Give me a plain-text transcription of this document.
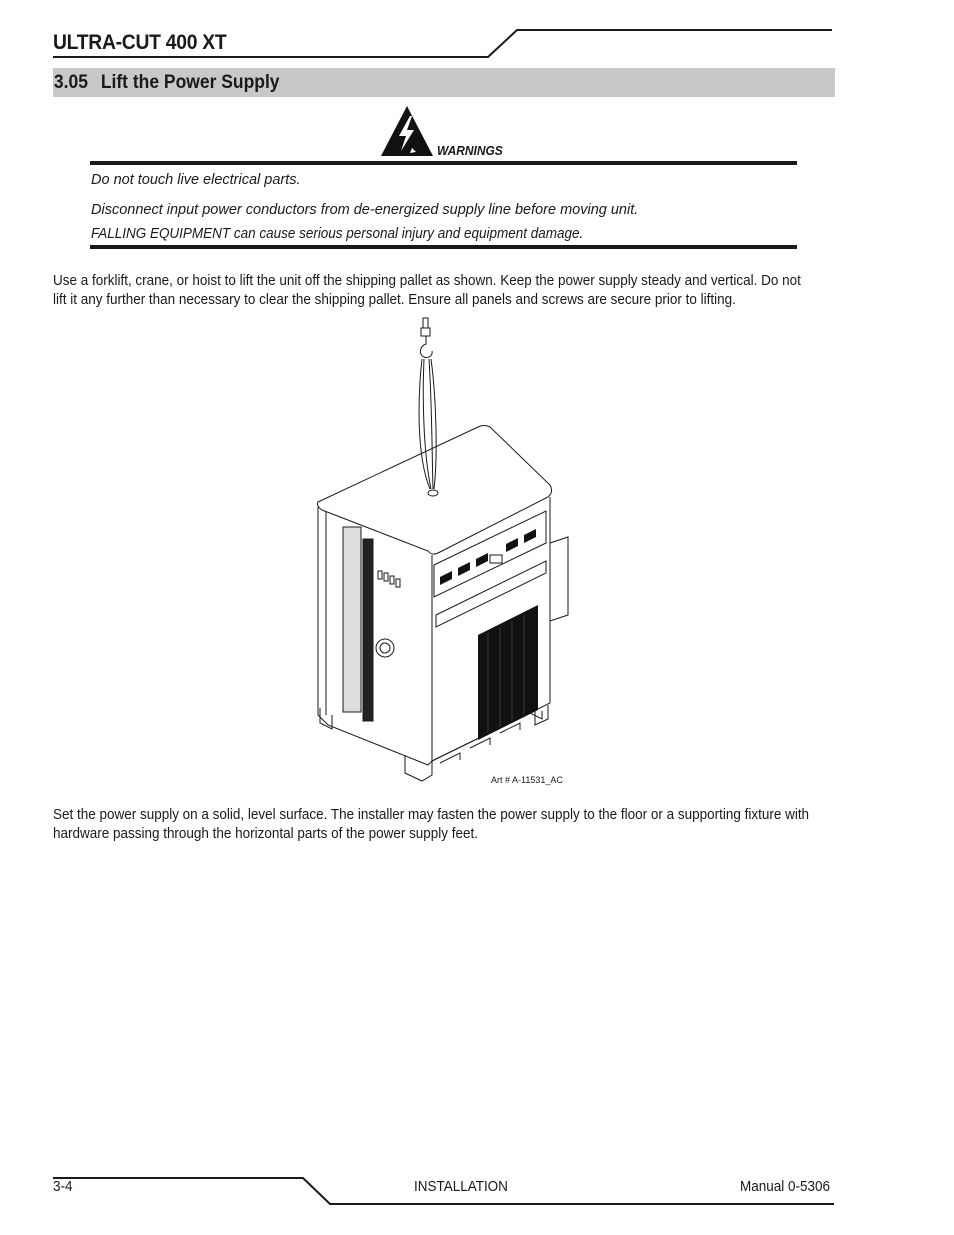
ULTRA-CUT 400 XT
3.05 Lift the Power Supply
WARNINGS
Do not touch live electrical parts.
Disconnect input power conductors from de-energized supply line before moving unit.
FALLING EQUIPMENT can cause serious personal injury and equipment damage.
Use a forklift, crane, or hoist to lift the unit off the shipping pallet as shown. Keep the power supply steady and vertical. Do not
lift it any further than necessary to clear the shipping pallet. Ensure all panels and screws are secure prior to lifting.
Art # A-11531_AC
Set the power supply on a solid, level surface. The installer may fasten the power supply to the floor or a supporting fixture with
hardware passing through the horizontal parts of the power supply feet.
3-4	INSTALLATION	Manual 0-5306
